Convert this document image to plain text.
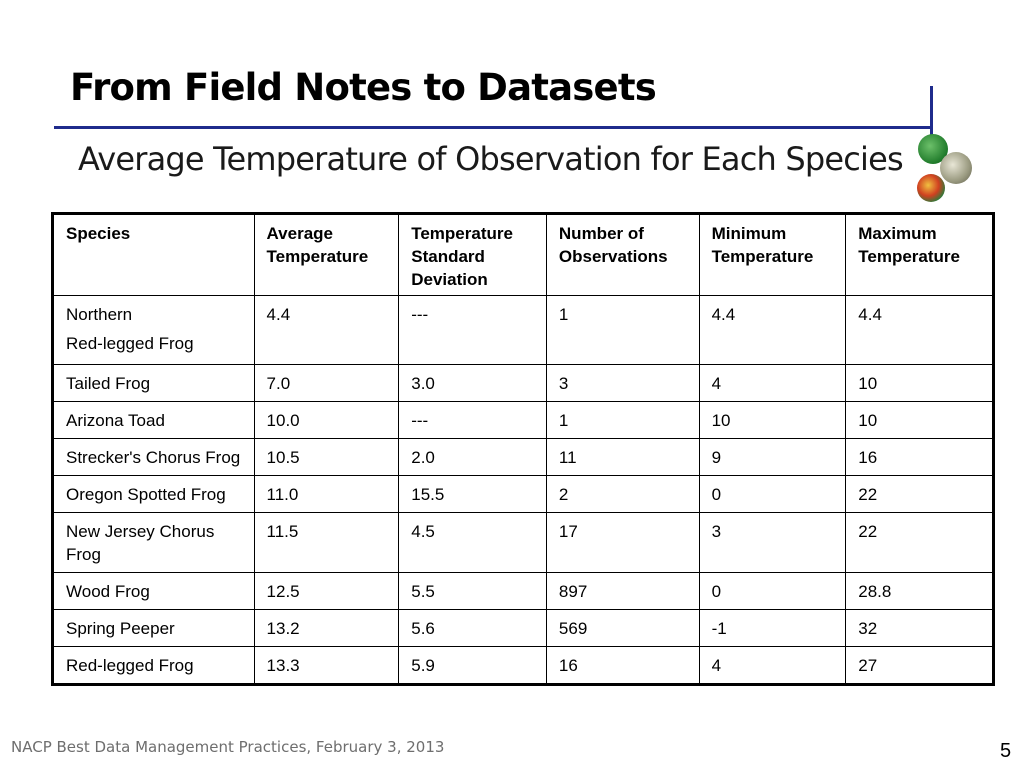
From Field Notes to Datasets
Average Temperature of Observation for Each Species
Species	Average Temperature	Temperature Standard Deviation	Number of Observations	Minimum Temperature	Maximum Temperature

Northern
Red-legged Frog	4.4	---	1	4.4	4.4
Tailed Frog	7.0	3.0	3	4	10
Arizona Toad	10.0	---	1	10	10
Strecker's Chorus Frog	10.5	2.0	11	9	16
Oregon Spotted Frog	11.0	15.5	2	0	22
New Jersey Chorus Frog	11.5	4.5	17	3	22
Wood Frog	12.5	5.5	897	0	28.8
Spring Peeper	13.2	5.6	569	-1	32
Red-legged Frog	13.3	5.9	16	4	27
NACP Best Data Management Practices, February 3, 2013	5
